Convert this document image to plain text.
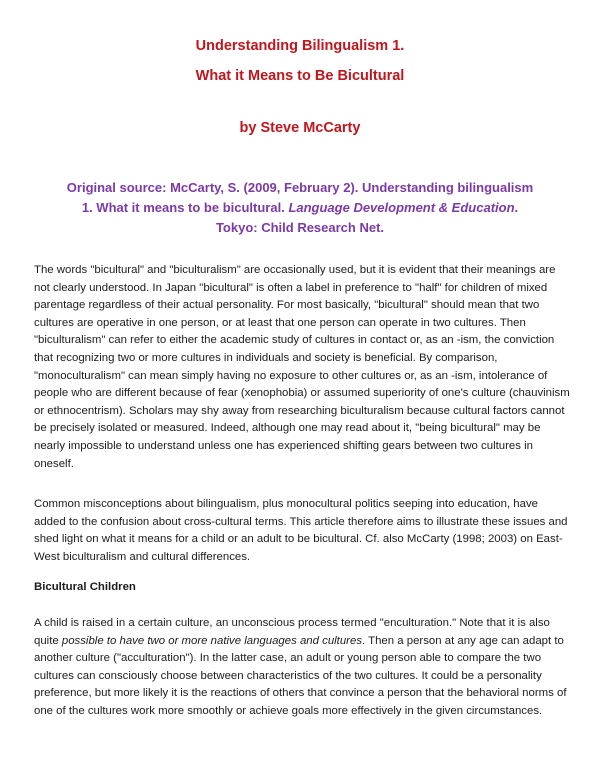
Understanding Bilingualism 1.
What it Means to Be Bicultural
by Steve McCarty

Original source: McCarty, S. (2009, February 2). Understanding bilingualism 1. What it means to be bicultural. Language Development & Education. Tokyo: Child Research Net.

The words "bicultural" and "biculturalism" are occasionally used, but it is evident that their meanings are not clearly understood. In Japan "bicultural" is often a label in preference to "half" for children of mixed parentage regardless of their actual personality. For most basically, "bicultural" should mean that two cultures are operative in one person, or at least that one person can operate in two cultures. Then "biculturalism" can refer to either the academic study of cultures in contact or, as an -ism, the conviction that recognizing two or more cultures in individuals and society is beneficial. By comparison, "monoculturalism" can mean simply having no exposure to other cultures or, as an -ism, intolerance of people who are different because of fear (xenophobia) or assumed superiority of one's culture (chauvinism or ethnocentrism). Scholars may shy away from researching biculturalism because cultural factors cannot be precisely isolated or measured. Indeed, although one may read about it, "being bicultural" may be nearly impossible to understand unless one has experienced shifting gears between two cultures in oneself.

Common misconceptions about bilingualism, plus monocultural politics seeping into education, have added to the confusion about cross-cultural terms. This article therefore aims to illustrate these issues and shed light on what it means for a child or an adult to be bicultural. Cf. also McCarty (1998; 2003) on East-West biculturalism and cultural differences.

Bicultural Children

A child is raised in a certain culture, an unconscious process termed "enculturation." Note that it is also quite possible to have two or more native languages and cultures. Then a person at any age can adapt to another culture ("acculturation"). In the latter case, an adult or young person able to compare the two cultures can consciously choose between characteristics of the two cultures. It could be a personality preference, but more likely it is the reactions of others that convince a person that the behavioral norms of one of the cultures work more smoothly or achieve goals more effectively in the given circumstances.
